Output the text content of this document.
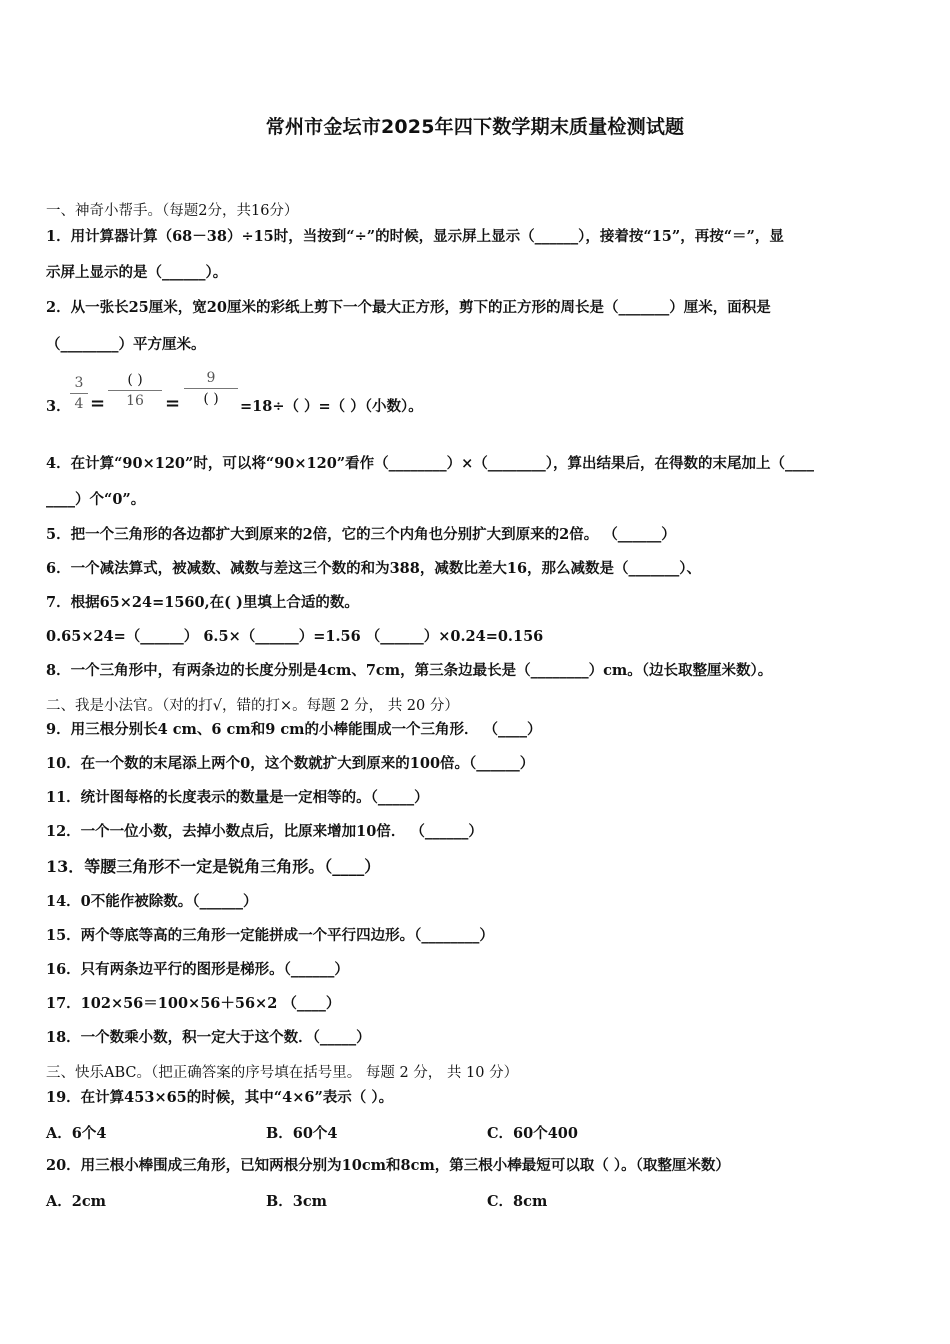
常州市金坛市2025年四下数学期末质量检测试题
一、神奇小帮手。（每题2分，共16分）
1．用计算器计算（68－38）÷15时，当按到“÷”的时候，显示屏上显示（______），接着按“15”，再按“＝”，显
示屏上显示的是（______）。
2．从一张长25厘米，宽20厘米的彩纸上剪下一个最大正方形，剪下的正方形的周长是（_______）厘米，面积是
（________）平方厘米。
3．
3
4 =
( )
16	=
9
( )	=18÷（ ）=（ ）（小数）。
4．在计算“90×120”时，可以将“90×120”看作（________）×（________），算出结果后，在得数的末尾加上（____
____）个“0”。
5．把一个三角形的各边都扩大到原来的2倍，它的三个内角也分别扩大到原来的2倍。 （______）
6．一个减法算式，被减数、减数与差这三个数的和为388，减数比差大16，那么减数是（_______）、
7．根据65×24=1560,在( )里填上合适的数。
0.65×24=（______） 6.5×（______）=1.56 （______）×0.24=0.156
8．一个三角形中，有两条边的长度分别是4cm、7cm，第三条边最长是（________）cm。（边长取整厘米数）。
二、我是小法官。（对的打√，错的打×。每题 2 分， 共 20 分）
9．用三根分别长4 cm、6 cm和9 cm的小棒能围成一个三角形． （____）
10．在一个数的末尾添上两个0，这个数就扩大到原来的100倍。（______）
11．统计图每格的长度表示的数量是一定相等的。（_____）
12．一个一位小数，去掉小数点后，比原来增加10倍． （______）
13．等腰三角形不一定是锐角三角形。（____）
14．0不能作被除数。（______）
15．两个等底等高的三角形一定能拼成一个平行四边形。（________）
16．只有两条边平行的图形是梯形。（______）
17．102×56＝100×56＋56×2 （____）
18．一个数乘小数，积一定大于这个数．（_____）
三、快乐ABC。（把正确答案的序号填在括号里。 每题 2 分， 共 10 分）
19．在计算453×65的时候，其中“4×6”表示（ ）。
A．6个4	B．60个4	C．60个400
20．用三根小棒围成三角形，已知两根分别为10cm和8cm，第三根小棒最短可以取（ ）。（取整厘米数）
A．2cm	B．3cm	C．8cm
